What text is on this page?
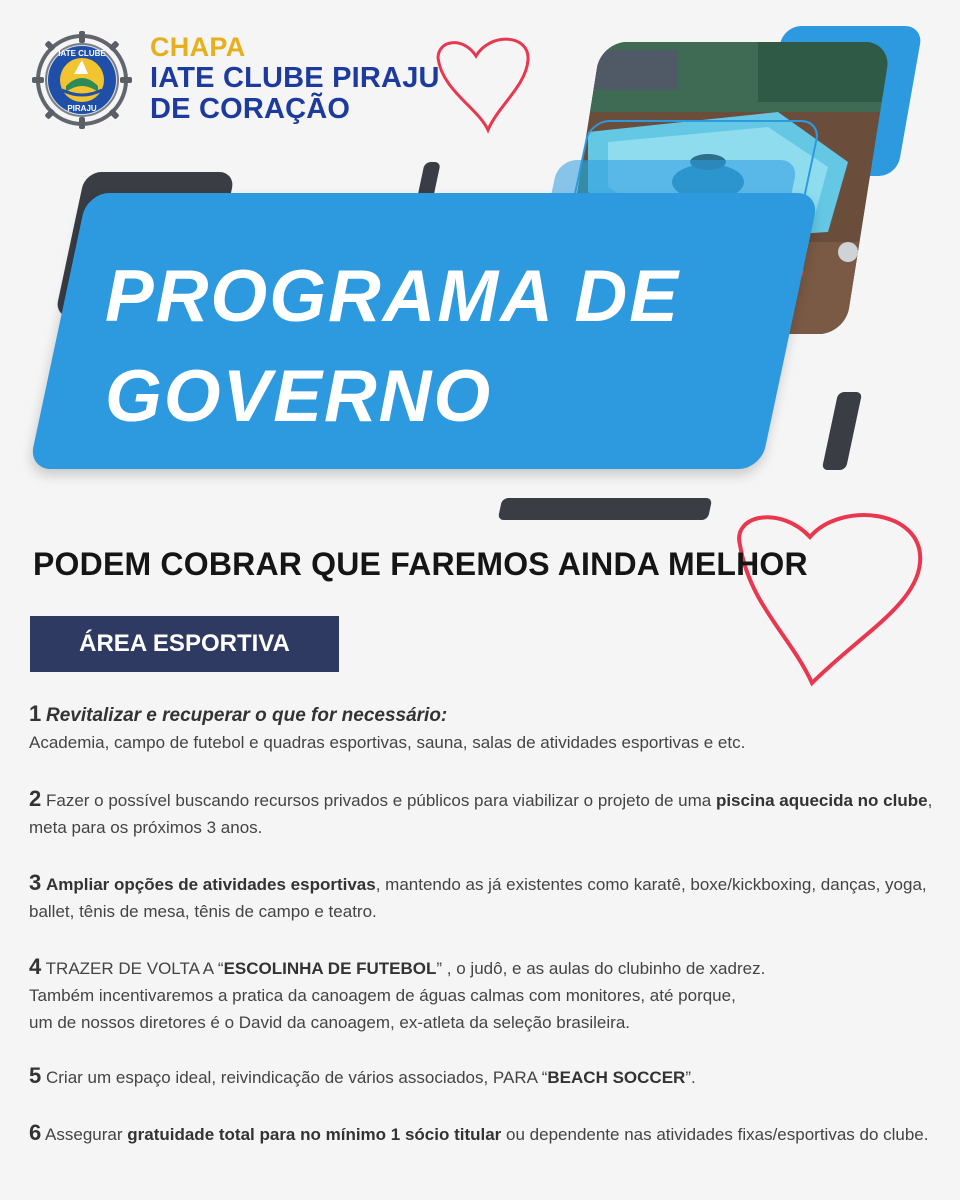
IATE CLUBE
PIRAJU
CHAPA
IATE CLUBE PIRAJU
DE CORAÇÃO
PROGRAMA DE
GOVERNO
PODEM COBRAR QUE FAREMOS AINDA MELHOR
ÁREA ESPORTIVA
1 Revitalizar e recuperar o que for necessário:
Academia, campo de futebol e quadras esportivas, sauna, salas de atividades esportivas e etc.
2 Fazer o possível buscando recursos privados e públicos para viabilizar o projeto de uma piscina aquecida no clube, meta para os próximos 3 anos.
3 Ampliar opções de atividades esportivas, mantendo as já existentes como karatê, boxe/kickboxing, danças, yoga, ballet, tênis de mesa, tênis de campo e teatro.
4 TRAZER DE VOLTA A “ESCOLINHA DE FUTEBOL” , o judô, e as aulas do clubinho de xadrez.
Também incentivaremos a pratica da canoagem de águas calmas com monitores, até porque,
um de nossos diretores é o David da canoagem, ex-atleta da seleção brasileira.
5 Criar um espaço ideal, reivindicação de vários associados, PARA “BEACH SOCCER”.
6 Assegurar gratuidade total para no mínimo 1 sócio titular ou dependente nas atividades fixas/esportivas do clube.
